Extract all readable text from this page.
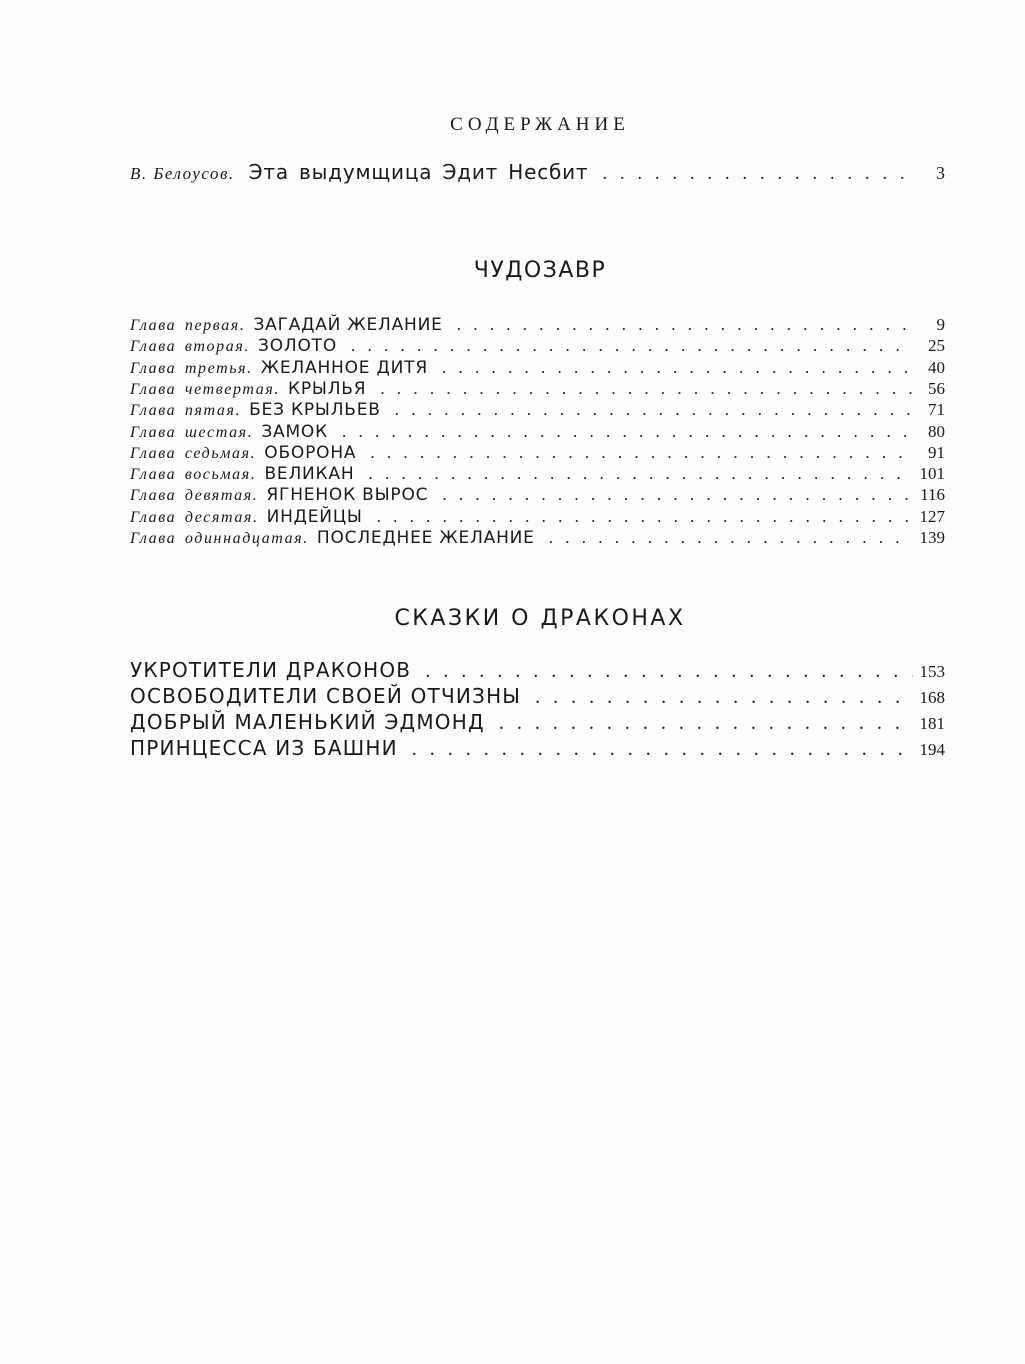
СОДЕРЖАНИЕ
В. Белоусов. Эта выдумщица Эдит Несбит . . .	3
ЧУДОЗАВР
Глава первая. ЗАГАДАЙ ЖЕЛАНИЕ . . .	9
Глава вторая. ЗОЛОТО . . .	25
Глава третья. ЖЕЛАННОЕ ДИТЯ . . .	40
Глава четвертая. КРЫЛЬЯ . . .	56
Глава пятая. БЕЗ КРЫЛЬЕВ . . .	71
Глава шестая. ЗАМОК . . .	80
Глава седьмая. ОБОРОНА . . .	91
Глава восьмая. ВЕЛИКАН . . .	101
Глава девятая. ЯГНЕНОК ВЫРОС . . .	116
Глава десятая. ИНДЕЙЦЫ . . .	127
Глава одиннадцатая. ПОСЛЕДНЕЕ ЖЕЛАНИЕ . . .	139
СКАЗКИ О ДРАКОНАХ
УКРОТИТЕЛИ ДРАКОНОВ . . .	153
ОСВОБОДИТЕЛИ СВОЕЙ ОТЧИЗНЫ . . .	168
ДОБРЫЙ МАЛЕНЬКИЙ ЭДМОНД . . .	181
ПРИНЦЕССА ИЗ БАШНИ . . .	194
